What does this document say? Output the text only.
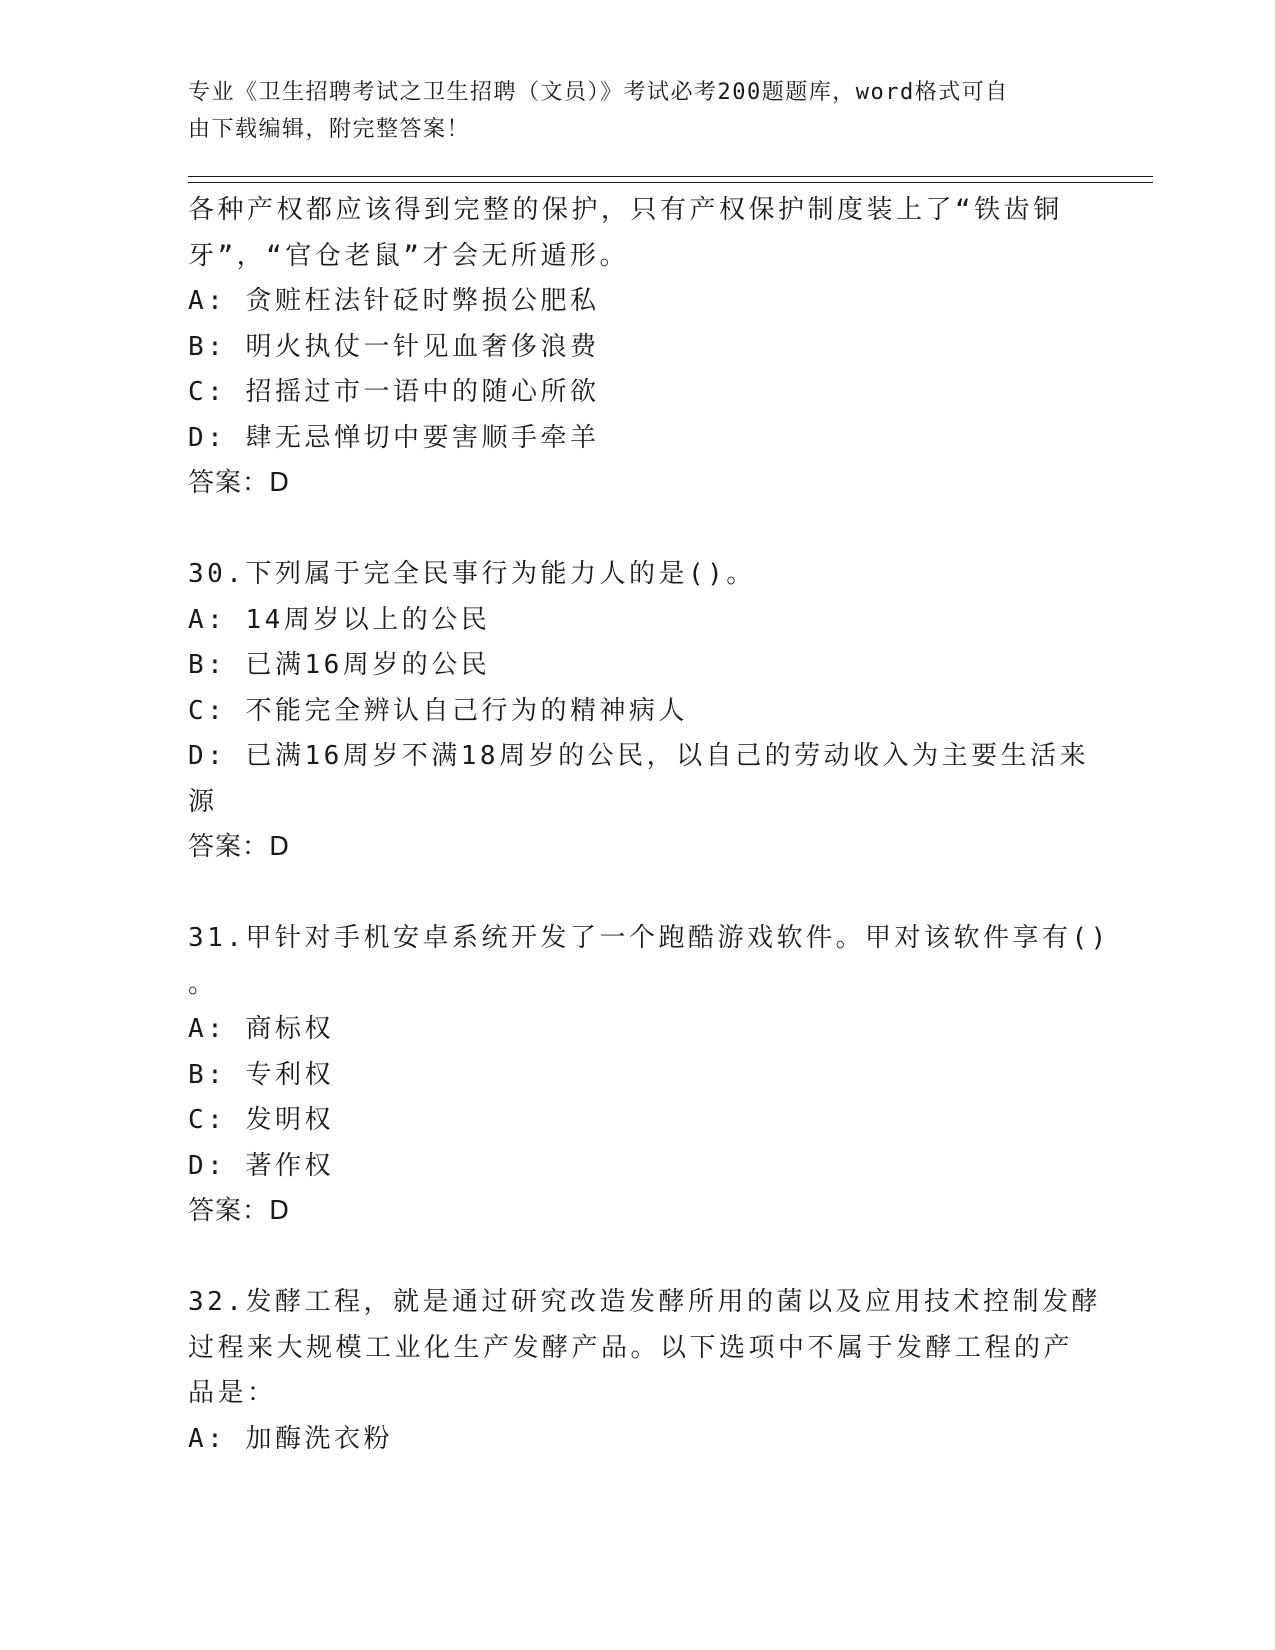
专业《卫生招聘考试之卫生招聘（文员）》考试必考200题题库，word格式可自
由下载编辑，附完整答案！
各种产权都应该得到完整的保护，只有产权保护制度装上了“铁齿铜
牙”，“官仓老鼠”才会无所遁形。
A: 贪赃枉法针砭时弊损公肥私
B: 明火执仗一针见血奢侈浪费
C: 招摇过市一语中的随心所欲
D: 肆无忌惮切中要害顺手牵羊
答案：D
30.下列属于完全民事行为能力人的是()。
A: 14周岁以上的公民
B: 已满16周岁的公民
C: 不能完全辨认自己行为的精神病人
D: 已满16周岁不满18周岁的公民，以自己的劳动收入为主要生活来
源
答案：D
31.甲针对手机安卓系统开发了一个跑酷游戏软件。甲对该软件享有()
。
A: 商标权
B: 专利权
C: 发明权
D: 著作权
答案：D
32.发酵工程，就是通过研究改造发酵所用的菌以及应用技术控制发酵
过程来大规模工业化生产发酵产品。以下选项中不属于发酵工程的产
品是：
A: 加酶洗衣粉
